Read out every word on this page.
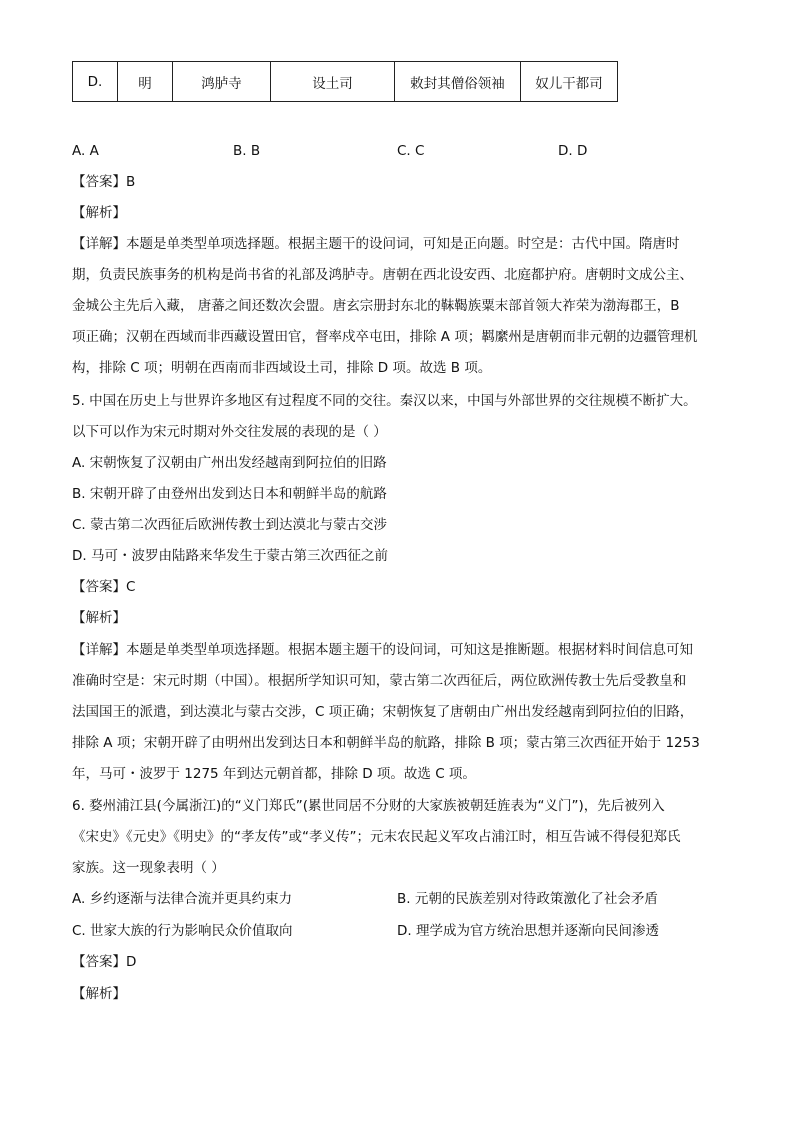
D.	明	鸿胪寺	设土司	敕封其僧俗领袖	奴儿干都司
A. A	B. B	C. C	D. D
【答案】B
【解析】
【详解】本题是单类型单项选择题。根据主题干的设问词，可知是正向题。时空是：古代中国。隋唐时
期，负责民族事务的机构是尚书省的礼部及鸿胪寺。唐朝在西北设安西、北庭都护府。唐朝时文成公主、
金城公主先后入藏， 唐蕃之间还数次会盟。唐玄宗册封东北的靺鞨族粟末部首领大祚荣为渤海郡王，B
项正确；汉朝在西域而非西藏设置田官，督率戍卒屯田，排除 A 项；羁縻州是唐朝而非元朝的边疆管理机
构，排除 C 项；明朝在西南而非西域设土司，排除 D 项。故选 B 项。
5. 中国在历史上与世界许多地区有过程度不同的交往。秦汉以来，中国与外部世界的交往规模不断扩大。
以下可以作为宋元时期对外交往发展的表现的是（ ）
A. 宋朝恢复了汉朝由广州出发经越南到阿拉伯的旧路
B. 宋朝开辟了由登州出发到达日本和朝鲜半岛的航路
C. 蒙古第二次西征后欧洲传教士到达漠北与蒙古交涉
D. 马可・波罗由陆路来华发生于蒙古第三次西征之前
【答案】C
【解析】
【详解】本题是单类型单项选择题。根据本题主题干的设问词，可知这是推断题。根据材料时间信息可知
准确时空是：宋元时期（中国）。根据所学知识可知，蒙古第二次西征后，两位欧洲传教士先后受教皇和
法国国王的派遣，到达漠北与蒙古交涉，C 项正确；宋朝恢复了唐朝由广州出发经越南到阿拉伯的旧路，
排除 A 项；宋朝开辟了由明州出发到达日本和朝鲜半岛的航路，排除 B 项；蒙古第三次西征开始于 1253
年，马可・波罗于 1275 年到达元朝首都，排除 D 项。故选 C 项。
6. 婺州浦江县(今属浙江)的“义门郑氏”(累世同居不分财的大家族被朝廷旌表为“义门”)，先后被列入
《宋史》《元史》《明史》的“孝友传”或“孝义传”；元末农民起义军攻占浦江时，相互告诫不得侵犯郑氏
家族。这一现象表明（ ）
A. 乡约逐渐与法律合流并更具约束力	B. 元朝的民族差别对待政策激化了社会矛盾
C. 世家大族的行为影响民众价值取向	D. 理学成为官方统治思想并逐渐向民间渗透
【答案】D
【解析】
